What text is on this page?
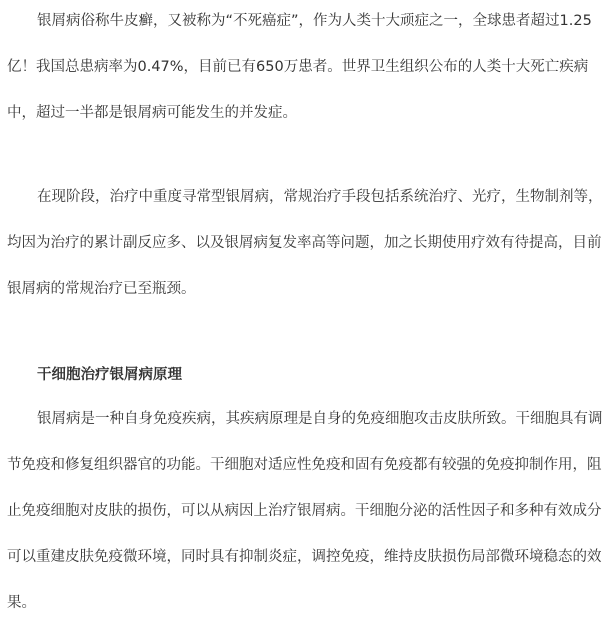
银屑病俗称牛皮癣，又被称为“不死癌症”，作为人类十大顽症之一，全球患者超过1.25亿！我国总患病率为0.47%，目前已有650万患者。世界卫生组织公布的人类十大死亡疾病中，超过一半都是银屑病可能发生的并发症。

在现阶段，治疗中重度寻常型银屑病，常规治疗手段包括系统治疗、光疗，生物制剂等，均因为治疗的累计副反应多、以及银屑病复发率高等问题，加之长期使用疗效有待提高，目前银屑病的常规治疗已至瓶颈。

干细胞治疗银屑病原理

银屑病是一种自身免疫疾病，其疾病原理是自身的免疫细胞攻击皮肤所致。干细胞具有调节免疫和修复组织器官的功能。干细胞对适应性免疫和固有免疫都有较强的免疫抑制作用，阻止免疫细胞对皮肤的损伤，可以从病因上治疗银屑病。干细胞分泌的活性因子和多种有效成分可以重建皮肤免疫微环境，同时具有抑制炎症，调控免疫，维持皮肤损伤局部微环境稳态的效果。
